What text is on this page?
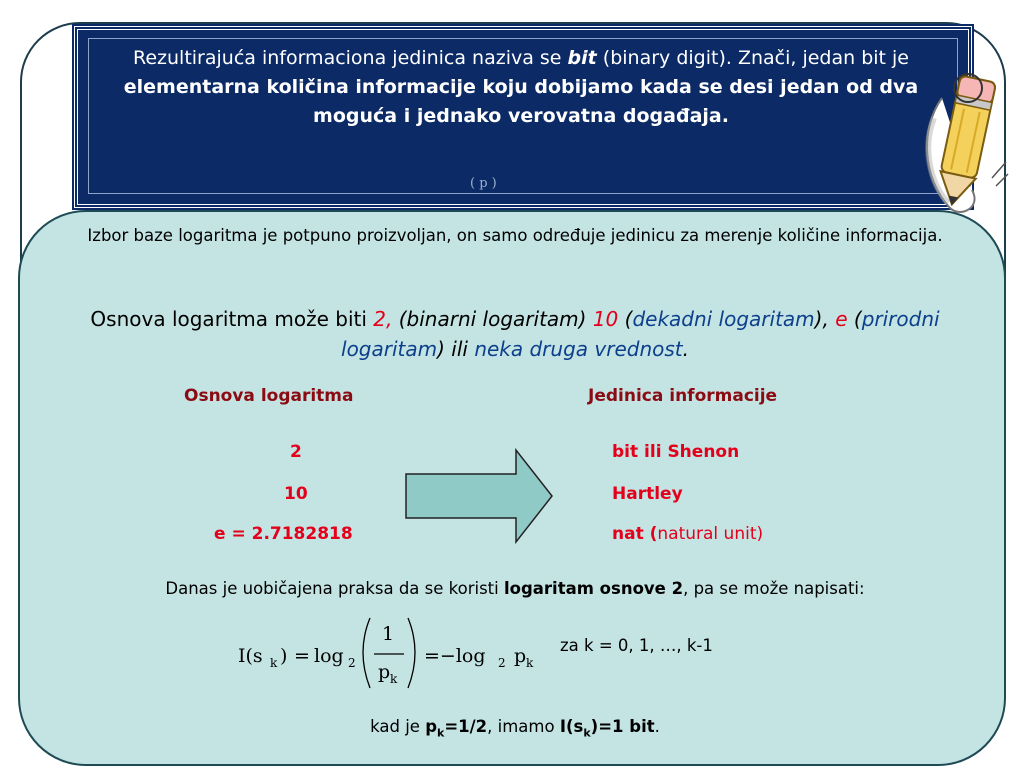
Rezultirajuća informaciona jedinica naziva se bit (binary digit). Znači, jedan bit je elementarna količina informacije koju dobijamo kada se desi jedan od dva moguća i jednako verovatna događaja.
( p )
Izbor baze logaritma je potpuno proizvoljan, on samo određuje jedinicu za merenje količine informacija.
Osnova logaritma može biti 2, (binarni logaritam) 10 (dekadni logaritam), e (prirodni logaritam) ili neka druga vrednost.
Osnova logaritma	Jedinica informacije
2
10
e = 2.7182818
bit ili Shenon
Hartley
nat (natural unit)
Danas je uobičajena praksa da se koristi logaritam osnove 2, pa se može napisati:
I(s k ) = log 2
1
p k
=−log 2 p k
za k = 0, 1, …, k-1
kad je $p_k=1/2$, imamo $I(s_k)=1$ bit.
